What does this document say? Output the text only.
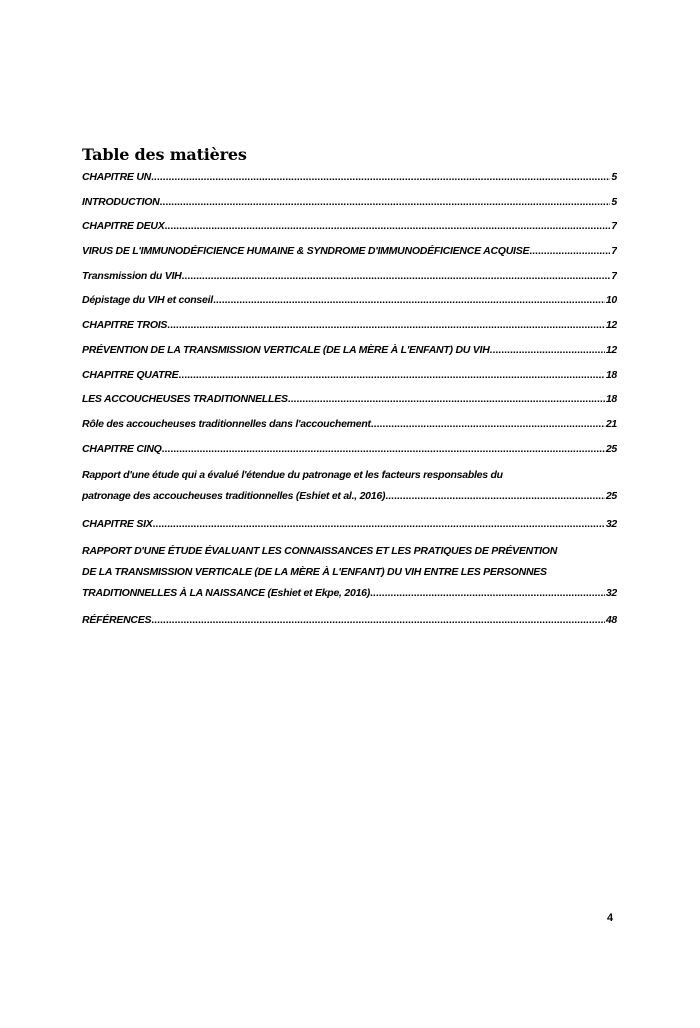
Table des matières
CHAPITRE UN .....	5
INTRODUCTION .....	5
CHAPITRE DEUX .....	7
VIRUS DE L'IMMUNODÉFICIENCE HUMAINE & SYNDROME D'IMMUNODÉFICIENCE ACQUISE .....	7
Transmission du VIH .....	7
Dépistage du VIH et conseil .....	10
CHAPITRE TROIS .....	12
PRÉVENTION DE LA TRANSMISSION VERTICALE (DE LA MÈRE À L'ENFANT) DU VIH .....	12
CHAPITRE QUATRE .....	18
LES ACCOUCHEUSES TRADITIONNELLES .....	18
Rôle des accoucheuses traditionnelles dans l'accouchement .....	21
CHAPITRE CINQ .....	25
Rapport d'une étude qui a évalué l'étendue du patronage et les facteurs responsables du
patronage des accoucheuses traditionnelles (Eshiet et al., 2016) .....	25
CHAPITRE SIX .....	32
RAPPORT D'UNE ÉTUDE ÉVALUANT LES CONNAISSANCES ET LES PRATIQUES DE PRÉVENTION
DE LA TRANSMISSION VERTICALE (DE LA MÈRE À L'ENFANT) DU VIH ENTRE LES PERSONNES
TRADITIONNELLES À LA NAISSANCE (Eshiet et Ekpe, 2016) .....	32
RÉFÉRENCES .....	48
4
